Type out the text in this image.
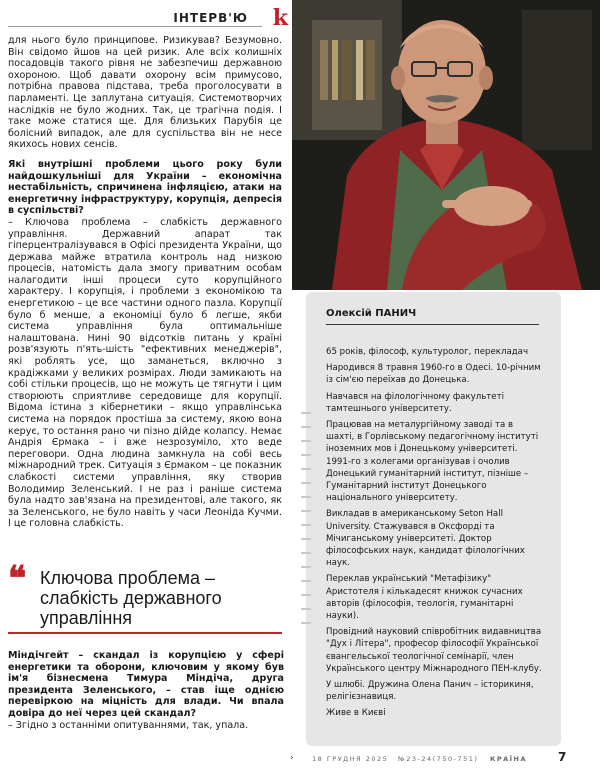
ІНТЕРВ'Ю k

для нього було принципове. Ризикував? Безумовно. Він свідомо йшов на цей ризик. Але всіх колишніх посадовців такого рівня не забезпечиш державною охороною. Щоб давати охорону всім примусово, потрібна правова підстава, треба проголосувати в парламенті. Це заплутана ситуація. Системотворчих наслідків не було жодних. Так, це трагічна подія. І таке може статися ще. Для близьких Парубія це болісний випадок, але для суспільства він не несе якихось нових сенсів.

Які внутрішні проблеми цього року були найдошкульнішi для України – економічна нестабільність, спричинена інфляцією, атаки на енергетичну інфраструктуру, корупція, депресія в суспільстві?

– Ключова проблема – слабкість державного управління. Державний апарат так гіперцентралізувався в Офісі президента України, що держава майже втратила контроль над низкою процесів, натомість дала змогу приватним особам налагодити інші процеси суто корупційного характеру. І корупція, і проблеми з економікою та енергетикою – це все частини одного пазла. Корупції було б менше, а економіці було б легше, якби система управління була оптимальніше налаштована. Нині 90 відсотків питань у країні розв'язують п'ять-шість "ефективних менеджерів", які роблять усе, що заманеться, включно з крадіжками у великих розмірах. Люди замикають на собі стільки процесів, що не можуть це тягнути і цим створюють сприятливе середовище для корупції. Відома істина з кібернетики – якщо управлінська система на порядок простіша за систему, якою вона керує, то остання рано чи пізно дійде колапсу. Немає Андрія Єрмака – і вже незрозуміло, хто веде переговори. Одна людина замкнула на собі весь міжнародний трек. Ситуація з Єрмаком – це показник слабкості системи управління, яку створив Володимир Зеленський. І не раз і раніше система була надто зав'язана на президентові, але такого, як за Зеленського, не було навіть у часи Леоніда Кучми. І це головна слабкість.

❝ Ключова проблема – слабкість державного управління

Міндічгейт – скандал із корупцією у сфері енергетики та оборони, ключовим у якому був ім'я бізнесмена Тимура Міндіча, друга президента Зеленського, – став іще однією перевіркою на міцність для влади. Чи впала довіра до неї через цей скандал?

– Згідно з останніми опитуваннями, так, упала.

Олексій ПАНИЧ

65 років, філософ, культуролог, перекладач

Народився 8 травня 1960-го в Одесі. 10-річним із сім'єю переїхав до Донецька.

Навчався на філологічному факультеті тамтешнього університету.

Працював на металургійному заводі та в шахті, в Горлівському педагогічному інституті іноземних мов і Донецькому університеті. 1991-го з колегами організував і очолив Донецький гуманітарний інститут, пізніше – Гуманітарний інститут Донецького національного університету.

Викладав в американському Seton Hall University. Стажувався в Оксфорді та Мічиганському університеті. Доктор філософських наук, кандидат філологічних наук.

Переклав український "Метафізику" Аристотеля і кількадесят книжок сучасних авторів (філософія, теологія, гуманітарні науки).

Провідний науковий співробітник видавництва "Дух і Літера", професор філософії Української євангельської теологічної семінарії, член Українського центру Міжнародного ПЕН-клубу.

У шлюбі. Дружина Олена Панич – історикиня, релігієзнавиця.

Живе в Києві

›	18 ГРУДНЯ 2025 №23-24(750-751) КРАЇНА	7
